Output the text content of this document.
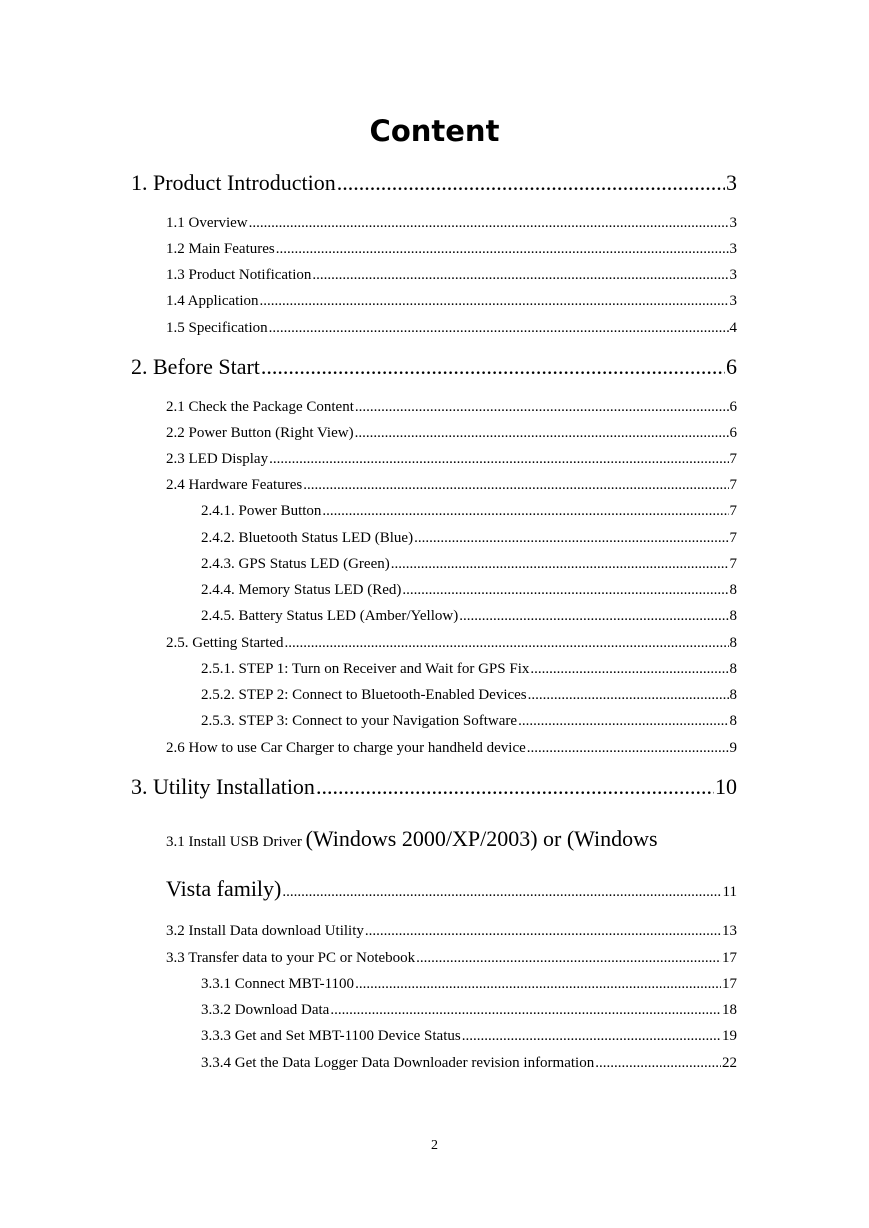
Content
1. Product Introduction .....	3
1.1 Overview .....	3
1.2 Main Features .....	3
1.3 Product Notification .....	3
1.4 Application .....	3
1.5 Specification .....	4
2. Before Start .....	6
2.1 Check the Package Content .....	6
2.2 Power Button (Right View) .....	6
2.3 LED Display .....	7
2.4 Hardware Features .....	7
2.4.1. Power Button .....	7
2.4.2. Bluetooth Status LED (Blue) .....	7
2.4.3. GPS Status LED (Green) .....	7
2.4.4. Memory Status LED (Red) .....	8
2.4.5. Battery Status LED (Amber/Yellow) .....	8
2.5. Getting Started .....	8
2.5.1. STEP 1: Turn on Receiver and Wait for GPS Fix .....	8
2.5.2. STEP 2: Connect to Bluetooth-Enabled Devices .....	8
2.5.3. STEP 3: Connect to your Navigation Software .....	8
2.6 How to use Car Charger to charge your handheld device .....	9
3. Utility Installation .....	10
3.1 Install USB Driver (Windows 2000/XP/2003) or (Windows
Vista family) .....	11
3.2 Install Data download Utility .....	13
3.3 Transfer data to your PC or Notebook .....	17
3.3.1 Connect MBT-1100 .....	17
3.3.2 Download Data .....	18
3.3.3 Get and Set MBT-1100 Device Status .....	19
3.3.4 Get the Data Logger Data Downloader revision information .....	22
2
